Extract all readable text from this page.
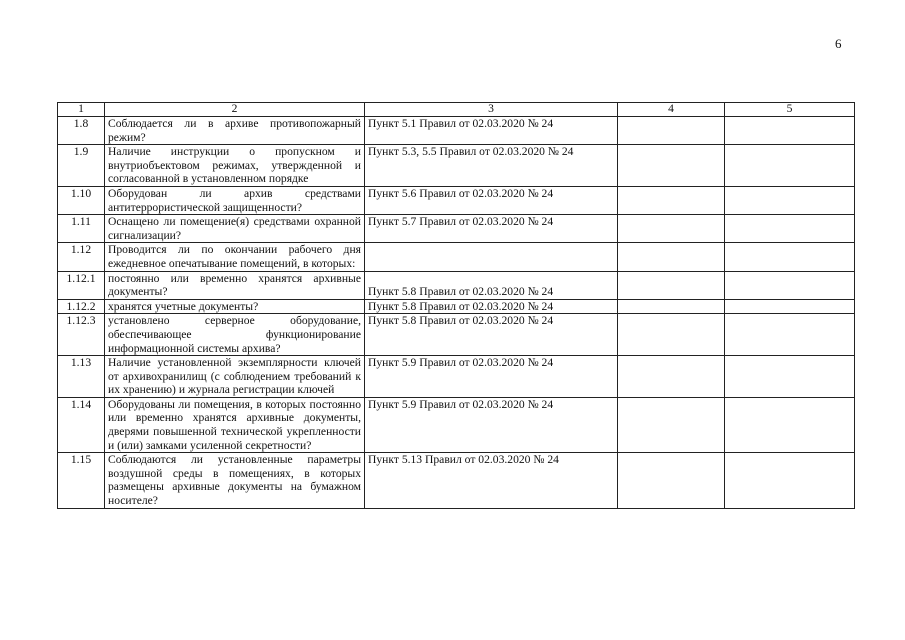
6
1	2	3	4	5
1.8	Соблюдается ли в архиве противопожарный режим?	Пункт 5.1 Правил от 02.03.2020 № 24		
1.9	Наличие инструкции о пропускном и внутриобъектовом режимах, утвержденной и согласованной в установленном порядке	Пункт 5.3, 5.5 Правил от 02.03.2020 № 24		
1.10	Оборудован ли архив средствами антитеррористической защищенности?	Пункт 5.6 Правил от 02.03.2020 № 24		
1.11	Оснащено ли помещение(я) средствами охранной сигнализации?	Пункт 5.7 Правил от 02.03.2020 № 24		
1.12	Проводится ли по окончании рабочего дня ежедневное опечатывание помещений, в которых:			
1.12.1	постоянно или временно хранятся архивные документы?	Пункт 5.8 Правил от 02.03.2020 № 24		
1.12.2	хранятся учетные документы?	Пункт 5.8 Правил от 02.03.2020 № 24		
1.12.3	установлено серверное оборудование, обеспечивающее функционирование информационной системы архива?	Пункт 5.8 Правил от 02.03.2020 № 24		
1.13	Наличие установленной экземплярности ключей от архивохранилищ (с соблюдением требований к их хранению) и журнала регистрации ключей	Пункт 5.9 Правил от 02.03.2020 № 24		
1.14	Оборудованы ли помещения, в которых постоянно или временно хранятся архивные документы, дверями повышенной технической укрепленности и (или) замками усиленной секретности?	Пункт 5.9 Правил от 02.03.2020 № 24		
1.15	Соблюдаются ли установленные параметры воздушной среды в помещениях, в которых размещены архивные документы на бумажном носителе?	Пункт 5.13 Правил от 02.03.2020 № 24		
